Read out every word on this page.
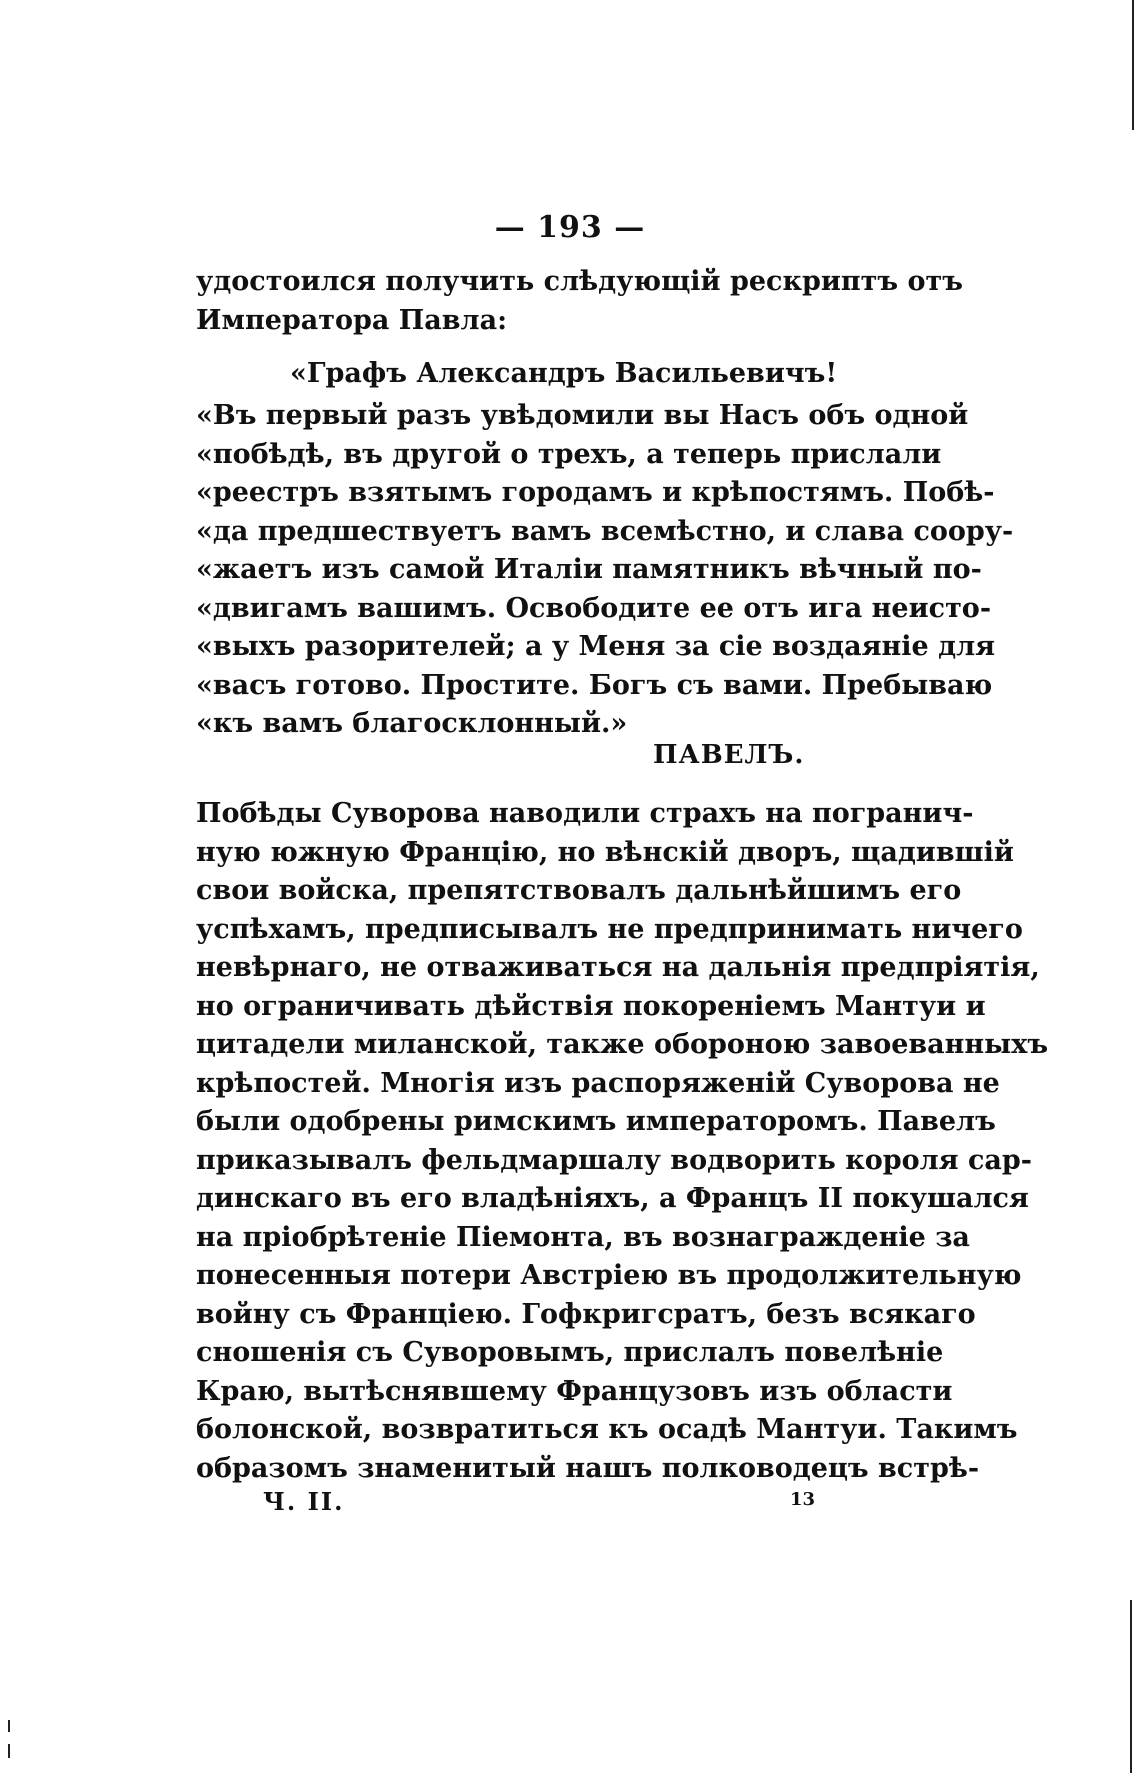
— 193 —
удостоился получить слѣдующій рескриптъ отъ
Императора Павла:
«Графъ Александръ Васильевичъ!
«Въ первый разъ увѣдомили вы Насъ объ одной
«побѣдѣ, въ другой о трехъ, а теперь прислали
«реестръ взятымъ городамъ и крѣпостямъ. Побѣ-
«да предшествуетъ вамъ всемѣстно, и слава соору-
«жаетъ изъ самой Италіи памятникъ вѣчный по-
«двигамъ вашимъ. Освободите ее отъ ига неисто-
«выхъ разорителей; а у Меня за сіе воздаяніе для
«васъ готово. Простите. Богъ съ вами. Пребываю
«къ вамъ благосклонный.»
ПАВЕЛЪ.
Побѣды Суворова наводили страхъ на погранич-
ную южную Францію, но вѣнскій дворъ, щадившій
свои войска, препятствовалъ дальнѣйшимъ его
успѣхамъ, предписывалъ не предпринимать ничего
невѣрнаго, не отваживаться на дальнія предпріятія,
но ограничивать дѣйствія покореніемъ Мантуи и
цитадели миланской, также обороною завоеванныхъ
крѣпостей. Многія изъ распоряженій Суворова не
были одобрены римскимъ императоромъ. Павелъ
приказывалъ фельдмаршалу водворить короля сар-
динскаго въ его владѣніяхъ, а Францъ II покушался
на пріобрѣтеніе Піемонта, въ вознагражденіе за
понесенныя потери Австріею въ продолжительную
войну съ Франціею. Гофкригсратъ, безъ всякаго
сношенія съ Суворовымъ, прислалъ повелѣніе
Краю, вытѣснявшему Французовъ изъ области
болонской, возвратиться къ осадѣ Мантуи. Такимъ
образомъ знаменитый нашъ полководецъ встрѣ-
Ч. II.	13
